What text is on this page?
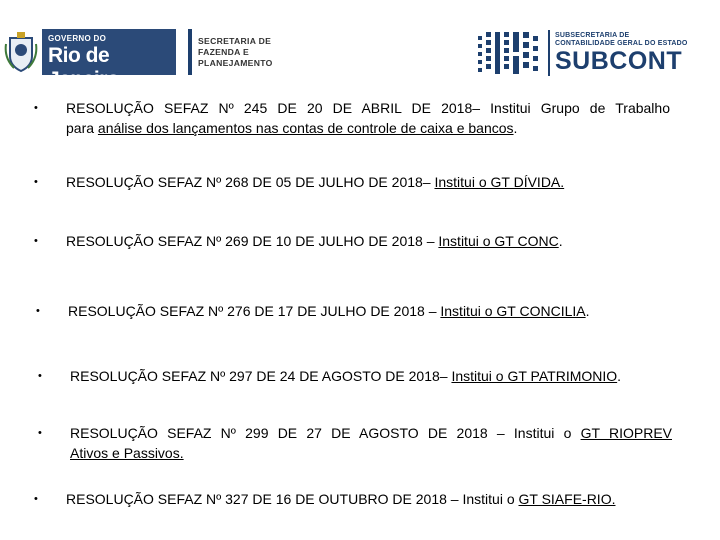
GOVERNO DO
Rio de Janeiro
SECRETARIA DE
FAZENDA E
PLANEJAMENTO
SUBSECRETARIA DE
CONTABILIDADE GERAL DO ESTADO
SUBCONT
• RESOLUÇÃO SEFAZ Nº 245 DE 20 DE ABRIL DE 2018– Institui Grupo de Trabalho
para análise dos lançamentos nas contas de controle de caixa e bancos.
• RESOLUÇÃO SEFAZ Nº 268 DE 05 DE JULHO DE 2018– Institui o GT DÍVIDA.
• RESOLUÇÃO SEFAZ Nº 269 DE 10 DE JULHO DE 2018 – Institui o GT CONC.
• RESOLUÇÃO SEFAZ Nº 276 DE 17 DE JULHO DE 2018 – Institui o GT CONCILIA.
• RESOLUÇÃO SEFAZ Nº 297 DE 24 DE AGOSTO DE 2018– Institui o GT PATRIMONIO.
• RESOLUÇÃO SEFAZ Nº 299 DE 27 DE AGOSTO DE 2018 – Institui o GT RIOPREV
Ativos e Passivos.
• RESOLUÇÃO SEFAZ Nº 327 DE 16 DE OUTUBRO DE 2018 – Institui o GT SIAFE-RIO.
